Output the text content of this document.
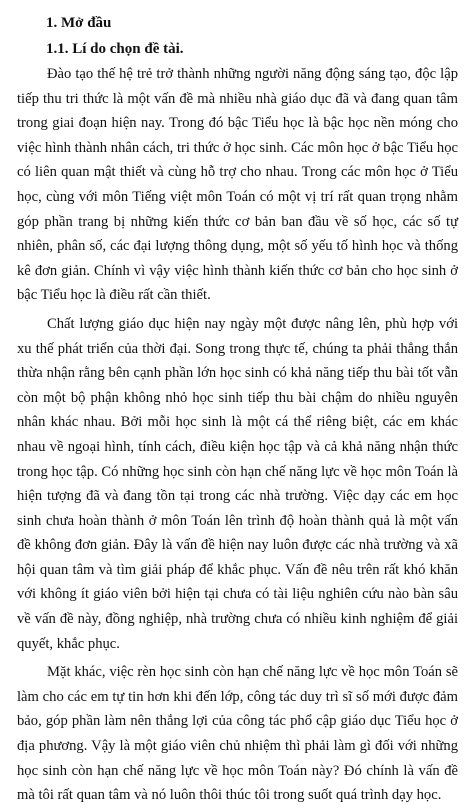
1. Mở đầu
1.1. Lí do chọn đề tài.

Đào tạo thế hệ trẻ trở thành những người năng động sáng tạo, độc lập tiếp thu tri thức là một vấn đề mà nhiều nhà giáo dục đã và đang quan tâm trong giai đoạn hiện nay. Trong đó bậc Tiểu học là bậc học nền móng cho việc hình thành nhân cách, tri thức ở học sinh. Các môn học ở bậc Tiểu học có liên quan mật thiết và cùng hỗ trợ cho nhau. Trong các môn học ở Tiểu học, cùng với môn Tiếng việt môn Toán có một vị trí rất quan trọng nhằm góp phần trang bị những kiến thức cơ bản ban đầu về số học, các số tự nhiên, phân số, các đại lượng thông dụng, một số yếu tố hình học và thống kê đơn giản. Chính vì vậy việc hình thành kiến thức cơ bản cho học sinh ở bậc Tiểu học là điều rất cần thiết.

Chất lượng giáo dục hiện nay ngày một được nâng lên, phù hợp với xu thế phát triển của thời đại. Song trong thực tế, chúng ta phải thẳng thắn thừa nhận rằng bên cạnh phần lớn học sinh có khả năng tiếp thu bài tốt vẫn còn một bộ phận không nhỏ học sinh tiếp thu bài chậm do nhiều nguyên nhân khác nhau. Bởi mỗi học sinh là một cá thể riêng biệt, các em khác nhau về ngoại hình, tính cách, điều kiện học tập và cả khả năng nhận thức trong học tập. Có những học sinh còn hạn chế năng lực về học môn Toán là hiện tượng đã và đang tồn tại trong các nhà trường. Việc dạy các em học sinh chưa hoàn thành ở môn Toán lên trình độ hoàn thành quả là một vấn đề không đơn giản. Đây là vấn đề hiện nay luôn được các nhà trường và xã hội quan tâm và tìm giải pháp để khắc phục. Vấn đề nêu trên rất khó khăn với không ít giáo viên bởi hiện tại chưa có tài liệu nghiên cứu nào bàn sâu về vấn đề này, đồng nghiệp, nhà trường chưa có nhiều kinh nghiệm để giải quyết, khắc phục.

Mặt khác, việc rèn học sinh còn hạn chế năng lực về học môn Toán sẽ làm cho các em tự tin hơn khi đến lớp, công tác duy trì sĩ số mới được đảm bảo, góp phần làm nên thắng lợi của công tác phổ cập giáo dục Tiểu học ở địa phương. Vậy là một giáo viên chủ nhiệm thì phải làm gì đối với những học sinh còn hạn chế năng lực về học môn Toán này? Đó chính là vấn đề mà tôi rất quan tâm và nó luôn thôi thúc tôi trong suốt quá trình dạy học.
